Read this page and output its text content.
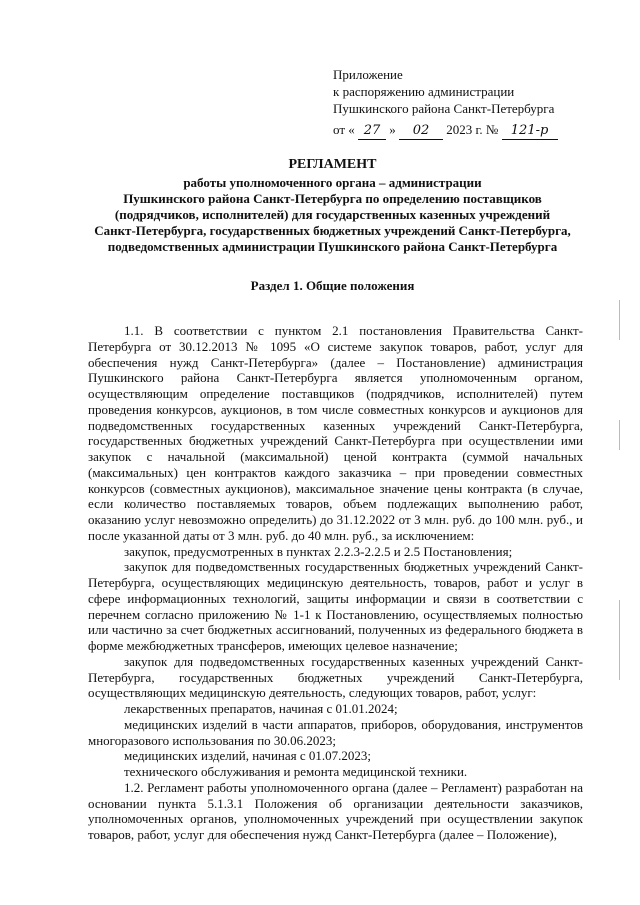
Приложение
к распоряжению администрации
Пушкинского района Санкт-Петербурга
от « 27 » 02 2023 г. № 121-р
РЕГЛАМЕНТ
работы уполномоченного органа – администрации
Пушкинского района Санкт-Петербурга по определению поставщиков
(подрядчиков, исполнителей) для государственных казенных учреждений
Санкт-Петербурга, государственных бюджетных учреждений Санкт-Петербурга,
подведомственных администрации Пушкинского района Санкт-Петербурга
Раздел 1. Общие положения

1.1. В соответствии с пунктом 2.1 постановления Правительства Санкт-Петербурга от 30.12.2013 № 1095 «О системе закупок товаров, работ, услуг для обеспечения нужд Санкт-Петербурга» (далее – Постановление) администрация Пушкинского района Санкт-Петербурга является уполномоченным органом, осуществляющим определение поставщиков (подрядчиков, исполнителей) путем проведения конкурсов, аукционов, в том числе совместных конкурсов и аукционов для подведомственных государственных казенных учреждений Санкт-Петербурга, государственных бюджетных учреждений Санкт-Петербурга при осуществлении ими закупок с начальной (максимальной) ценой контракта (суммой начальных (максимальных) цен контрактов каждого заказчика – при проведении совместных конкурсов (совместных аукционов), максимальное значение цены контракта (в случае, если количество поставляемых товаров, объем подлежащих выполнению работ, оказанию услуг невозможно определить) до 31.12.2022 от 3 млн. руб. до 100 млн. руб., и после указанной даты от 3 млн. руб. до 40 млн. руб., за исключением:

закупок, предусмотренных в пунктах 2.2.3-2.2.5 и 2.5 Постановления;

закупок для подведомственных государственных бюджетных учреждений Санкт-Петербурга, осуществляющих медицинскую деятельность, товаров, работ и услуг в сфере информационных технологий, защиты информации и связи в соответствии с перечнем согласно приложению № 1-1 к Постановлению, осуществляемых полностью или частично за счет бюджетных ассигнований, полученных из федерального бюджета в форме межбюджетных трансферов, имеющих целевое назначение;

закупок для подведомственных государственных казенных учреждений Санкт-Петербурга, государственных бюджетных учреждений Санкт-Петербурга, осуществляющих медицинскую деятельность, следующих товаров, работ, услуг:

лекарственных препаратов, начиная с 01.01.2024;

медицинских изделий в части аппаратов, приборов, оборудования, инструментов многоразового использования по 30.06.2023;

медицинских изделий, начиная с 01.07.2023;

технического обслуживания и ремонта медицинской техники.

1.2. Регламент работы уполномоченного органа (далее – Регламент) разработан на основании пункта 5.1.3.1 Положения об организации деятельности заказчиков, уполномоченных органов, уполномоченных учреждений при осуществлении закупок товаров, работ, услуг для обеспечения нужд Санкт-Петербурга (далее – Положение),
